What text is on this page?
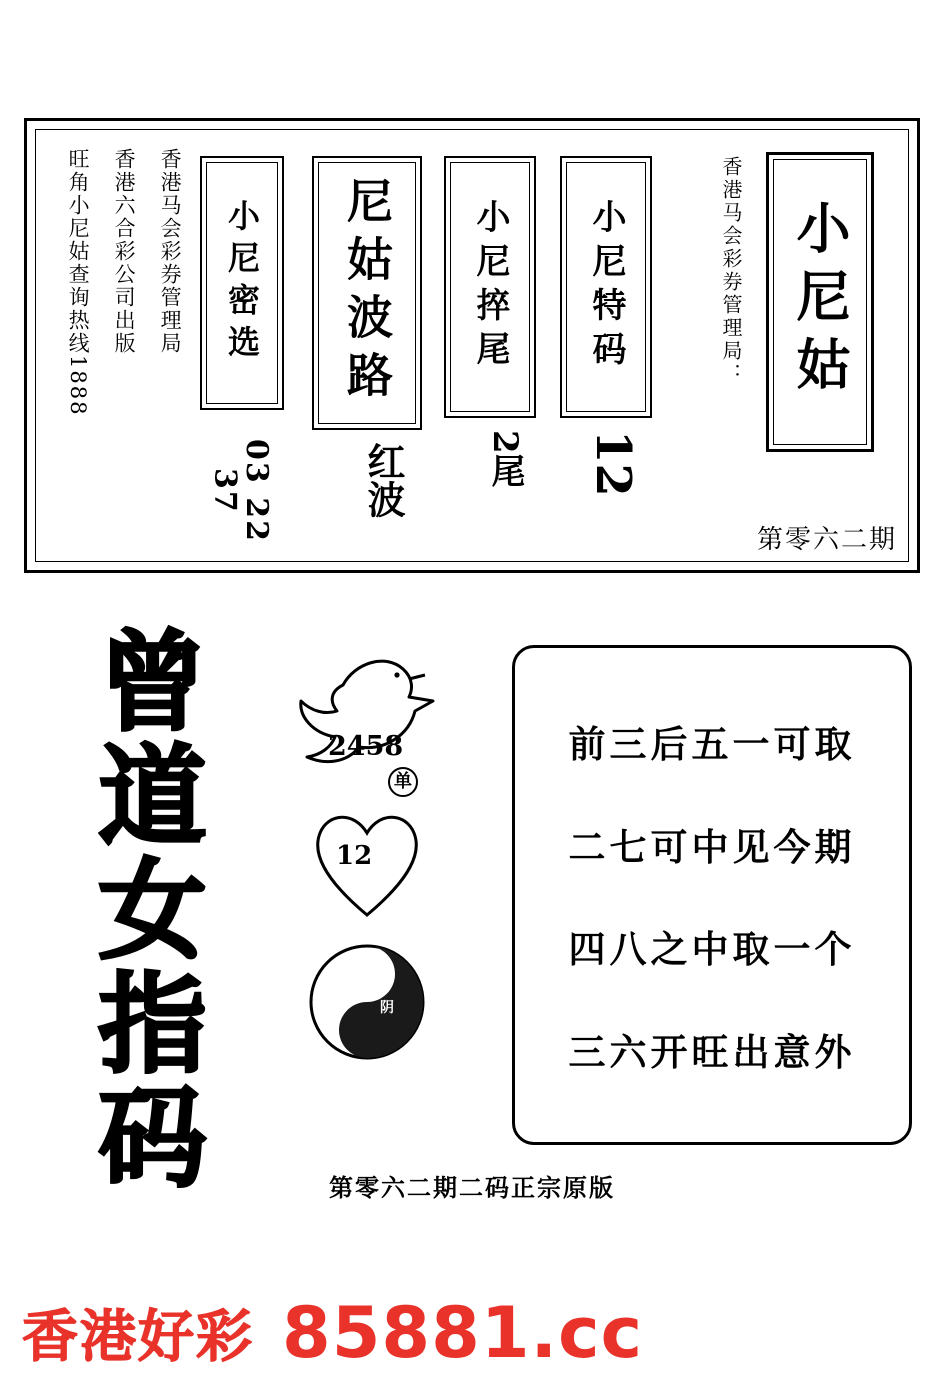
小尼姑
香港马会彩券管理局：
小尼特码
12
小尼捽尾
2尾
尼姑波路
红波
小尼密选
03 22 37
香港马会彩券管理局
香港六合彩公司出版
旺角小尼姑查询热线1888
第零六二期
曾道女指码	2458
单
12
22
阴
前三后五一可取
二七可中见今期
四八之中取一个
三六开旺出意外
第零六二期二码正宗原版
香港好彩 85881.cc
